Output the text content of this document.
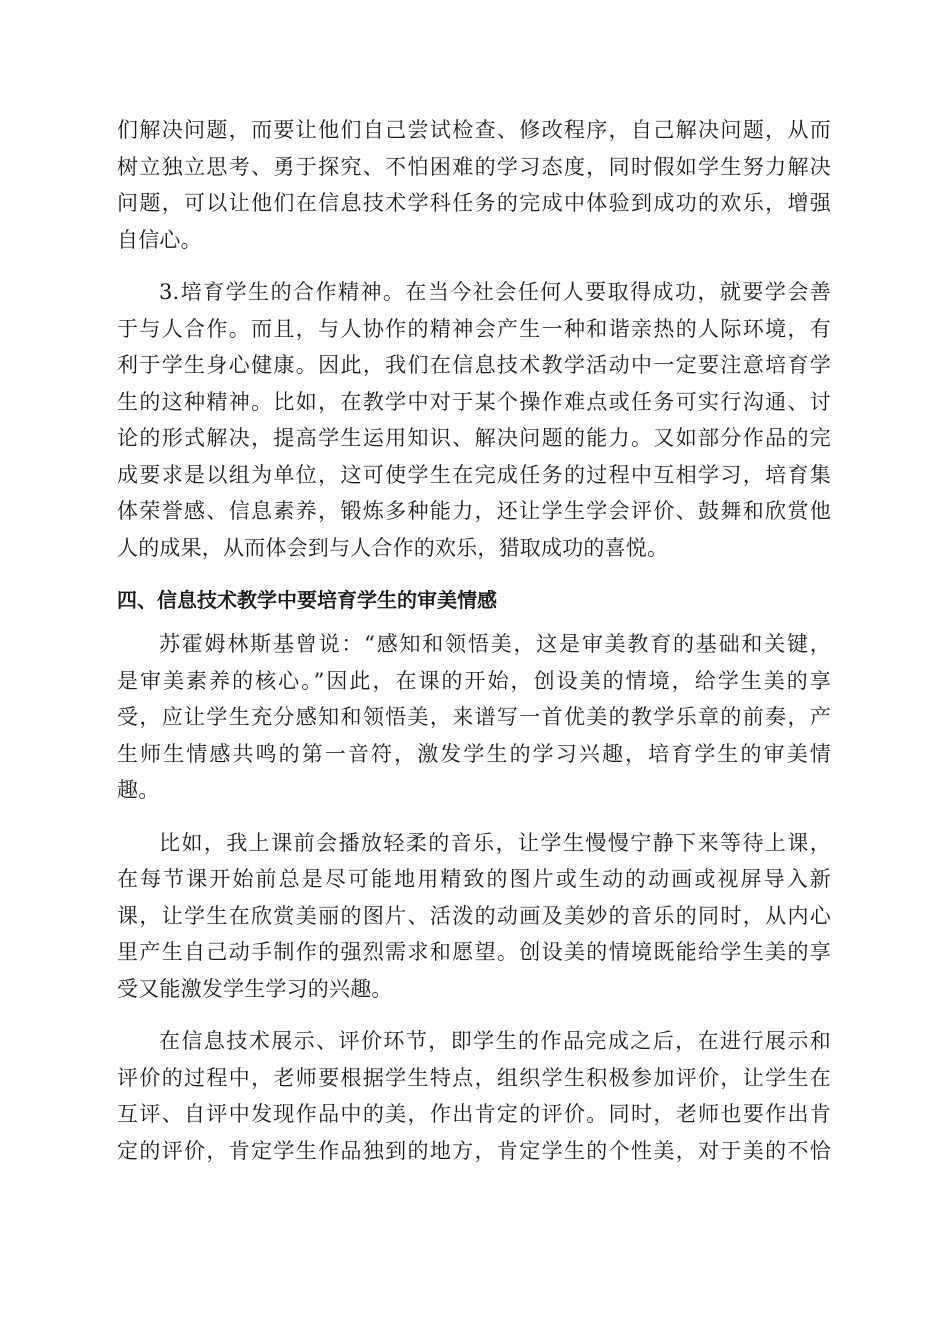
们解决问题，而要让他们自己尝试检查、修改程序，自己解决问题，从而
树立独立思考、勇于探究、不怕困难的学习态度，同时假如学生努力解决
问题，可以让他们在信息技术学科任务的完成中体验到成功的欢乐，增强
自信心。

3.培育学生的合作精神。在当今社会任何人要取得成功，就要学会善
于与人合作。而且，与人协作的精神会产生一种和谐亲热的人际环境，有
利于学生身心健康。因此，我们在信息技术教学活动中一定要注意培育学
生的这种精神。比如，在教学中对于某个操作难点或任务可实行沟通、讨
论的形式解决，提高学生运用知识、解决问题的能力。又如部分作品的完
成要求是以组为单位，这可使学生在完成任务的过程中互相学习，培育集
体荣誉感、信息素养，锻炼多种能力，还让学生学会评价、鼓舞和欣赏他
人的成果，从而体会到与人合作的欢乐，猎取成功的喜悦。

四、信息技术教学中要培育学生的审美情感

苏霍姆林斯基曾说：“感知和领悟美，这是审美教育的基础和关键，
是审美素养的核心。”因此，在课的开始，创设美的情境，给学生美的享
受，应让学生充分感知和领悟美，来谱写一首优美的教学乐章的前奏，产
生师生情感共鸣的第一音符，激发学生的学习兴趣，培育学生的审美情
趣。

比如，我上课前会播放轻柔的音乐，让学生慢慢宁静下来等待上课，
在每节课开始前总是尽可能地用精致的图片或生动的动画或视屏导入新
课，让学生在欣赏美丽的图片、活泼的动画及美妙的音乐的同时，从内心
里产生自己动手制作的强烈需求和愿望。创设美的情境既能给学生美的享
受又能激发学生学习的兴趣。

在信息技术展示、评价环节，即学生的作品完成之后，在进行展示和
评价的过程中，老师要根据学生特点，组织学生积极参加评价，让学生在
互评、自评中发现作品中的美，作出肯定的评价。同时，老师也要作出肯
定的评价，肯定学生作品独到的地方，肯定学生的个性美，对于美的不恰
